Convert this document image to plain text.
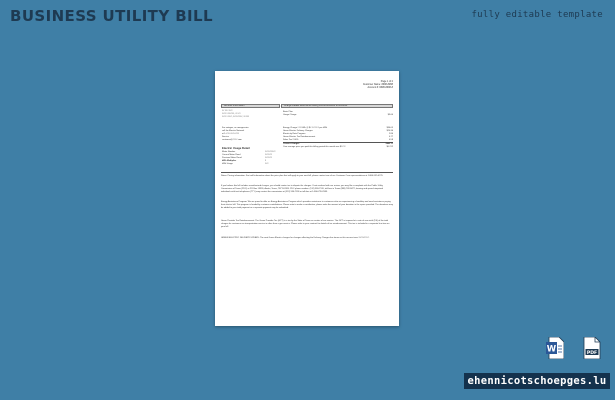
BUSINESS UTILITY BILL	fully editable template
Page 1 of 2
Customer Name: ####-####
Account #: ####-####-#
Account Information	Charge Details ####-##-## Billing Period ##/##/## to ##/##/##
## ### ###
#### ######, ## ##
#### ####, ########, #####
For outages, or emergencies
call the Electric Network
at 1-###-###-####
Service
customer@####.com
Electric Usage Detail
Meter Number	#########
Current Meter Read	######
Previous Meter Read	######
kWh Multiplier	1
kWh Usage	###
Basic Plan
Usage Charge	$3.60
Energy Charge ### kWh @ $#.###### per kWh	$34.05
Green Electric Delivery Charges	$20.36
Electricity Rate Program	2.86
Green Electric Tax Reimbursement	0.77
Sales Tax 2.00%	0.58
Current Charges	$462.11
Your average price you paid this billing period this month was $####	$0.212
Rates: Pricing information: For tariff information about the price plan that will apply to your next bill, please contact one of our Customer Care representatives at 1-800-555-4776.
If you believe this bill includes unauthorized charges, you should contact us to dispute the charges. If not resolved with our review, you may file a complaint with the Public Utility Commission of Texas (PUC) at PO Box 13326, Austin, Texas, 78711-3326. PUC phone number: (512) 936-7120, toll-free in Texas (888) 782-8477; hearing and speech-impaired individuals with text telephones (TTY) may contact the commission at (512) 936-7136 or toll-free at 1-800-735-2989.
Energy Assistance Program: We are proud to offer an Energy Assistance Program which provides assistance to customers who are experiencing a hardship and need assistance paying their electric bill. This program is funded by customer contributions. Please note to make a contribution, please write the amount of your donation in the space provided. The donations may be added to your total payment or a separate payment may be submitted.
Green Provider Tax Reimbursement: The Green Provider Tax (GPT) is a tax by the State of Texas on certain of our monies. The GPT is imposed at a rate of one-sixth (1/6) of the total charges for customers on transportation service in other than a gas service. Please refer to your contract for details of tax reimbursement. This tax is included in a separate line item on your bill.
GREEN ELECTRIC DELIVERY UPDATE: The next Green Electric charges for changes affecting the Delivery Charges line items on this account was ##/##/####.
W	PDF
ehennicotschoepges.lu
